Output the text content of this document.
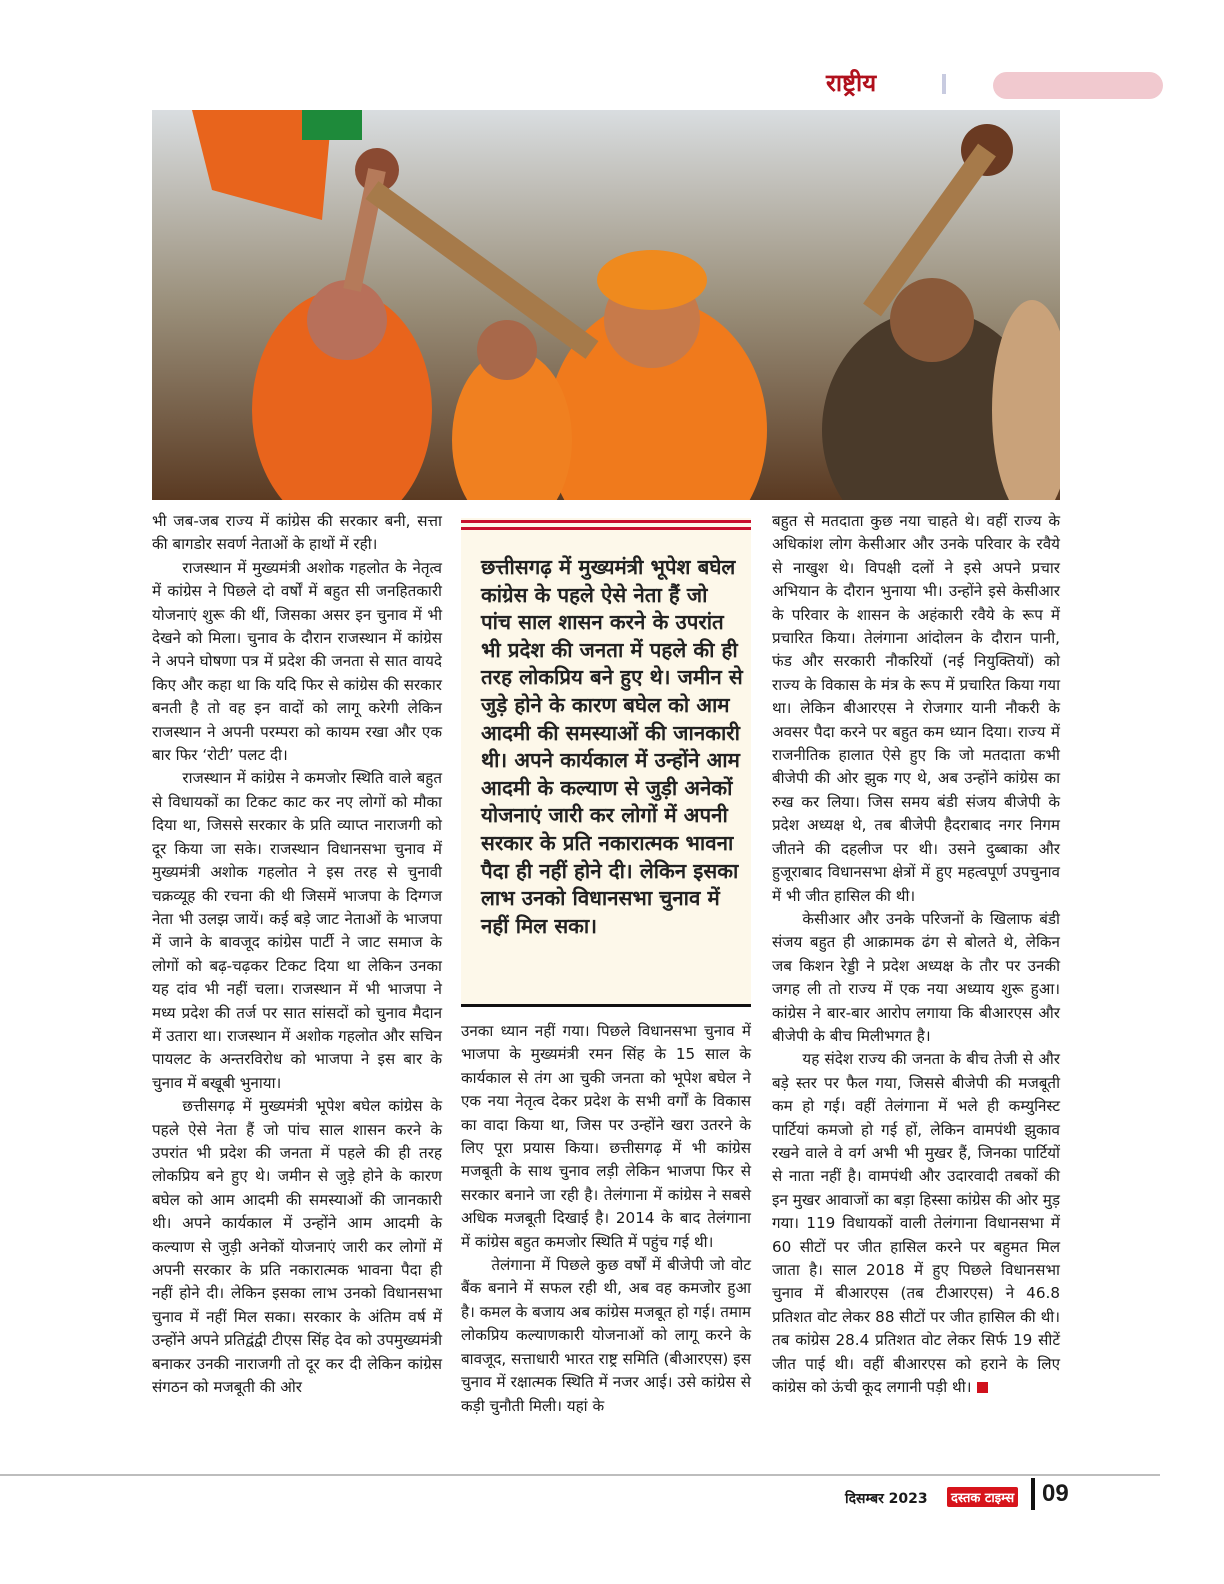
राष्ट्रीय

भी जब-जब राज्य में कांग्रेस की सरकार बनी, सत्ता की बागडोर सवर्ण नेताओं के हाथों में रही।

राजस्थान में मुख्यमंत्री अशोक गहलोत के नेतृत्व में कांग्रेस ने पिछले दो वर्षों में बहुत सी जनहितकारी योजनाएं शुरू की थीं, जिसका असर इन चुनाव में भी देखने को मिला। चुनाव के दौरान राजस्थान में कांग्रेस ने अपने घोषणा पत्र में प्रदेश की जनता से सात वायदे किए और कहा था कि यदि फिर से कांग्रेस की सरकार बनती है तो वह इन वादों को लागू करेगी लेकिन राजस्थान ने अपनी परम्परा को कायम रखा और एक बार फिर ‘रोटी’ पलट दी।

राजस्थान में कांग्रेस ने कमजोर स्थिति वाले बहुत से विधायकों का टिकट काट कर नए लोगों को मौका दिया था, जिससे सरकार के प्रति व्याप्त नाराजगी को दूर किया जा सके। राजस्थान विधानसभा चुनाव में मुख्यमंत्री अशोक गहलोत ने इस तरह से चुनावी चक्रव्यूह की रचना की थी जिसमें भाजपा के दिग्गज नेता भी उलझ जायें। कई बड़े जाट नेताओं के भाजपा में जाने के बावजूद कांग्रेस पार्टी ने जाट समाज के लोगों को बढ़-चढ़कर टिकट दिया था लेकिन उनका यह दांव भी नहीं चला। राजस्थान में भी भाजपा ने मध्य प्रदेश की तर्ज पर सात सांसदों को चुनाव मैदान में उतारा था। राजस्थान में अशोक गहलोत और सचिन पायलट के अन्तरविरोध को भाजपा ने इस बार के चुनाव में बखूबी भुनाया।

छत्तीसगढ़ में मुख्यमंत्री भूपेश बघेल कांग्रेस के पहले ऐसे नेता हैं जो पांच साल शासन करने के उपरांत भी प्रदेश की जनता में पहले की ही तरह लोकप्रिय बने हुए थे। जमीन से जुड़े होने के कारण बघेल को आम आदमी की समस्याओं की जानकारी थी। अपने कार्यकाल में उन्होंने आम आदमी के कल्याण से जुड़ी अनेकों योजनाएं जारी कर लोगों में अपनी सरकार के प्रति नकारात्मक भावना पैदा ही नहीं होने दी। लेकिन इसका लाभ उनको विधानसभा चुनाव में नहीं मिल सका। सरकार के अंतिम वर्ष में उन्होंने अपने प्रतिद्वंद्वी टीएस सिंह देव को उपमुख्यमंत्री बनाकर उनकी नाराजगी तो दूर कर दी लेकिन कांग्रेस संगठन को मजबूती की ओर

छत्तीसगढ़ में मुख्यमंत्री भूपेश बघेल कांग्रेस के पहले ऐसे नेता हैं जो पांच साल शासन करने के उपरांत भी प्रदेश की जनता में पहले की ही तरह लोकप्रिय बने हुए थे। जमीन से जुड़े होने के कारण बघेल को आम आदमी की समस्याओं की जानकारी थी। अपने कार्यकाल में उन्होंने आम आदमी के कल्याण से जुड़ी अनेकों योजनाएं जारी कर लोगों में अपनी सरकार के प्रति नकारात्मक भावना पैदा ही नहीं होने दी। लेकिन इसका लाभ उनको विधानसभा चुनाव में नहीं मिल सका।

उनका ध्यान नहीं गया। पिछले विधानसभा चुनाव में भाजपा के मुख्यमंत्री रमन सिंह के 15 साल के कार्यकाल से तंग आ चुकी जनता को भूपेश बघेल ने एक नया नेतृत्व देकर प्रदेश के सभी वर्गों के विकास का वादा किया था, जिस पर उन्होंने खरा उतरने के लिए पूरा प्रयास किया। छत्तीसगढ़ में भी कांग्रेस मजबूती के साथ चुनाव लड़ी लेकिन भाजपा फिर से सरकार बनाने जा रही है। तेलंगाना में कांग्रेस ने सबसे अधिक मजबूती दिखाई है। 2014 के बाद तेलंगाना में कांग्रेस बहुत कमजोर स्थिति में पहुंच गई थी।

तेलंगाना में पिछले कुछ वर्षों में बीजेपी जो वोट बैंक बनाने में सफल रही थी, अब वह कमजोर हुआ है। कमल के बजाय अब कांग्रेस मजबूत हो गई। तमाम लोकप्रिय कल्याणकारी योजनाओं को लागू करने के बावजूद, सत्ताधारी भारत राष्ट्र समिति (बीआरएस) इस चुनाव में रक्षात्मक स्थिति में नजर आई। उसे कांग्रेस से कड़ी चुनौती मिली। यहां के

बहुत से मतदाता कुछ नया चाहते थे। वहीं राज्य के अधिकांश लोग केसीआर और उनके परिवार के रवैये से नाखुश थे। विपक्षी दलों ने इसे अपने प्रचार अभियान के दौरान भुनाया भी। उन्होंने इसे केसीआर के परिवार के शासन के अहंकारी रवैये के रूप में प्रचारित किया। तेलंगाना आंदोलन के दौरान पानी, फंड और सरकारी नौकरियों (नई नियुक्तियों) को राज्य के विकास के मंत्र के रूप में प्रचारित किया गया था। लेकिन बीआरएस ने रोजगार यानी नौकरी के अवसर पैदा करने पर बहुत कम ध्यान दिया। राज्य में राजनीतिक हालात ऐसे हुए कि जो मतदाता कभी बीजेपी की ओर झुक गए थे, अब उन्होंने कांग्रेस का रुख कर लिया। जिस समय बंडी संजय बीजेपी के प्रदेश अध्यक्ष थे, तब बीजेपी हैदराबाद नगर निगम जीतने की दहलीज पर थी। उसने दुब्बाका और हुजूराबाद विधानसभा क्षेत्रों में हुए महत्वपूर्ण उपचुनाव में भी जीत हासिल की थी।

केसीआर और उनके परिजनों के खिलाफ बंडी संजय बहुत ही आक्रामक ढंग से बोलते थे, लेकिन जब किशन रेड्डी ने प्रदेश अध्यक्ष के तौर पर उनकी जगह ली तो राज्य में एक नया अध्याय शुरू हुआ। कांग्रेस ने बार-बार आरोप लगाया कि बीआरएस और बीजेपी के बीच मिलीभगत है।

यह संदेश राज्य की जनता के बीच तेजी से और बड़े स्तर पर फैल गया, जिससे बीजेपी की मजबूती कम हो गई। वहीं तेलंगाना में भले ही कम्युनिस्ट पार्टियां कमजो हो गई हों, लेकिन वामपंथी झुकाव रखने वाले वे वर्ग अभी भी मुखर हैं, जिनका पार्टियों से नाता नहीं है। वामपंथी और उदारवादी तबकों की इन मुखर आवाजों का बड़ा हिस्सा कांग्रेस की ओर मुड़ गया। 119 विधायकों वाली तेलंगाना विधानसभा में 60 सीटों पर जीत हासिल करने पर बहुमत मिल जाता है। साल 2018 में हुए पिछले विधानसभा चुनाव में बीआरएस (तब टीआरएस) ने 46.8 प्रतिशत वोट लेकर 88 सीटों पर जीत हासिल की थी। तब कांग्रेस 28.4 प्रतिशत वोट लेकर सिर्फ 19 सीटें जीत पाई थी। वहीं बीआरएस को हराने के लिए कांग्रेस को ऊंची कूद लगानी पड़ी थी।

दिसम्बर 2023	दस्तक टाइम्स 09
